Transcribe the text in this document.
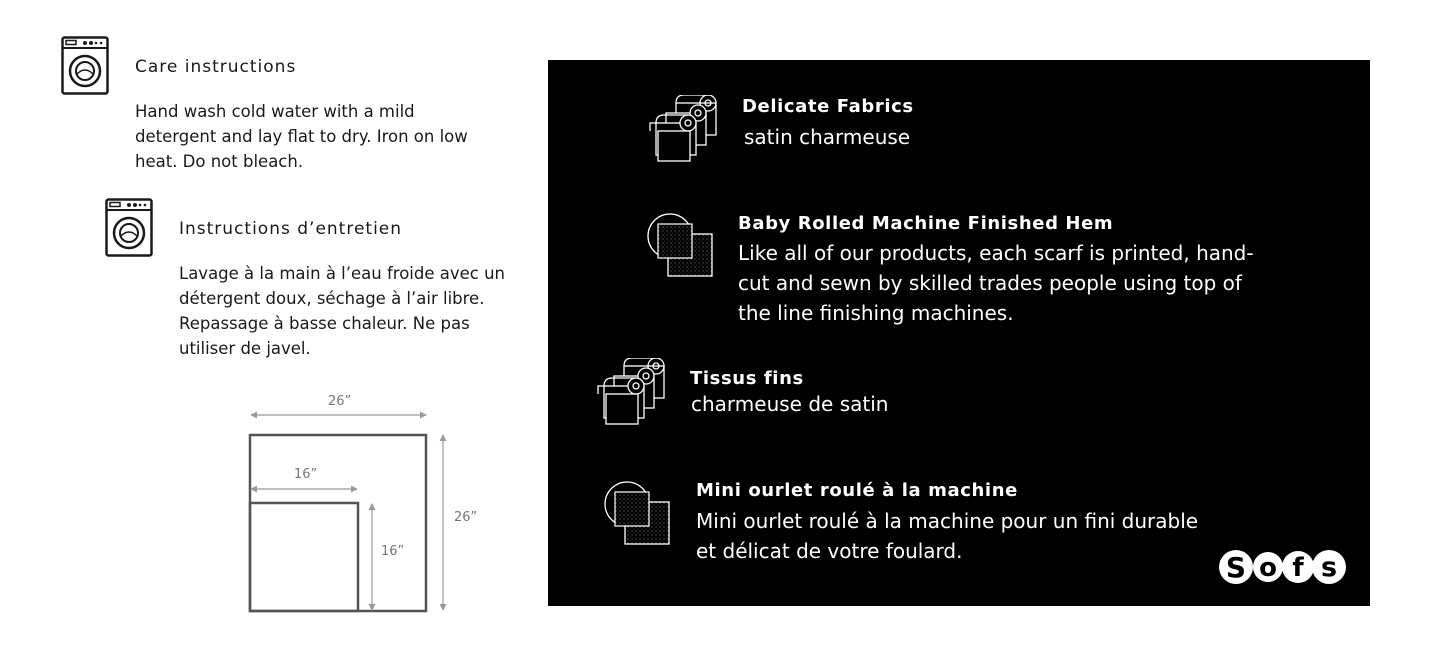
Care instructions
Hand wash cold water with a mild detergent and lay flat to dry. Iron on low heat. Do not bleach.
Instructions d’entretien
Lavage à la main à l’eau froide avec un détergent doux, séchage à l’air libre. Repassage à basse chaleur. Ne pas utiliser de javel.
26”
26”
16”
16”
Delicate Fabrics
satin charmeuse
Baby Rolled Machine Finished Hem
Like all of our products, each scarf is printed, hand-cut and sewn by skilled trades people using top of the line finishing machines.
Tissus fins
charmeuse de satin
Mini ourlet roulé à la machine
Mini ourlet roulé à la machine pour un fini durable et délicat de votre foulard.	S o f s
